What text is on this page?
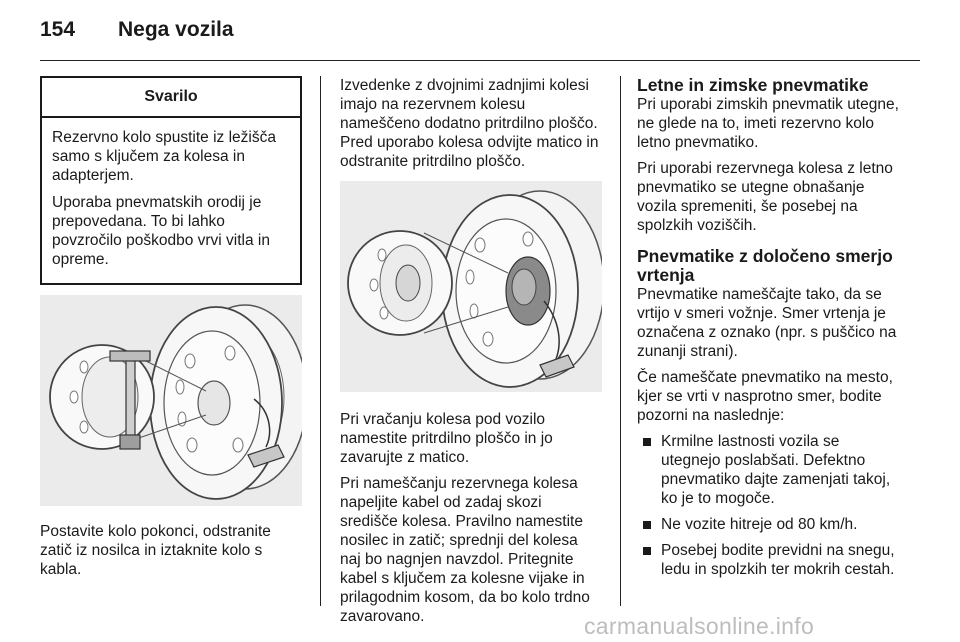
154 Nega vozila
Svarilo

Rezervno kolo spustite iz ležišča samo s ključem za kolesa in adapterjem.

Uporaba pnevmatskih orodij je prepovedana. To bi lahko povzročilo poškodbo vrvi vitla in opreme.

Postavite kolo pokonci, odstranite zatič iz nosilca in iztaknite kolo s kabla.

Izvedenke z dvojnimi zadnjimi kolesi imajo na rezervnem kolesu nameščeno dodatno pritrdilno ploščo. Pred uporabo kolesa odvijte matico in odstranite pritrdilno ploščo.

Pri vračanju kolesa pod vozilo namestite pritrdilno ploščo in jo zavarujte z matico.

Pri nameščanju rezervnega kolesa napeljite kabel od zadaj skozi središče kolesa. Pravilno namestite nosilec in zatič; sprednji del kolesa naj bo nagnjen navzdol. Pritegnite kabel s ključem za kolesne vijake in prilagodnim kosom, da bo kolo trdno zavarovano.

Letne in zimske pnevmatike

Pri uporabi zimskih pnevmatik utegne, ne glede na to, imeti rezervno kolo letno pnevmatiko.

Pri uporabi rezervnega kolesa z letno pnevmatiko se utegne obnašanje vozila spremeniti, še posebej na spolzkih voziščih.

Pnevmatike z določeno smerjo vrtenja

Pnevmatike nameščajte tako, da se vrtijo v smeri vožnje. Smer vrtenja je označena z oznako (npr. s puščico na zunanji strani).

Če nameščate pnevmatiko na mesto, kjer se vrti v nasprotno smer, bodite pozorni na naslednje:

Krmilne lastnosti vozila se utegnejo poslabšati. Defektno pnevmatiko dajte zamenjati takoj, ko je to mogoče.
Ne vozite hitreje od 80 km/h.
Posebej bodite previdni na snegu, ledu in spolzkih ter mokrih cestah.
carmanualsonline.info
